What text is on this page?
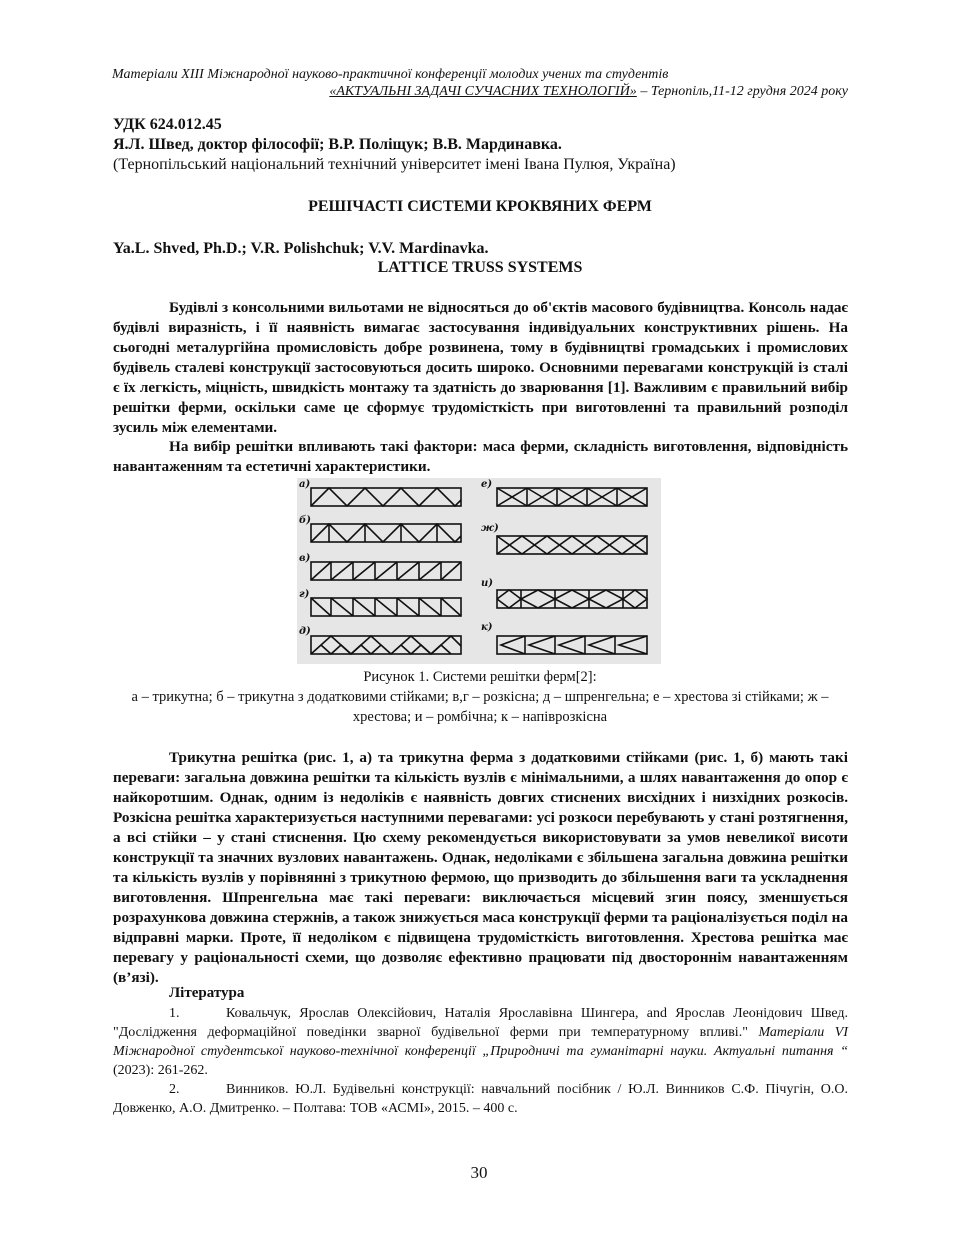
Матеріали ХІІІ Міжнародної науково-практичної конференції молодих учених та студентів
«АКТУАЛЬНІ ЗАДАЧІ СУЧАСНИХ ТЕХНОЛОГІЙ» – Тернопіль,11-12 грудня 2024 року
УДК 624.012.45
Я.Л. Швед, доктор філософії; В.Р. Поліщук; В.В. Мардинавка.
(Тернопільський національний технічний університет імені Івана Пулюя, Україна)
РЕШІЧАСТІ СИСТЕМИ КРОКВЯНИХ ФЕРМ
Ya.L. Shved, Ph.D.; V.R. Polishchuk; V.V. Mardinavka.
LATTICE TRUSS SYSTEMS

Будівлі з консольними вильотами не відносяться до об'єктів масового будівництва. Консоль надає будівлі виразність, і її наявність вимагає застосування індивідуальних конструктивних рішень. На сьогодні металургійна промисловість добре розвинена, тому в будівництві громадських і промислових будівель сталеві конструкції застосовуються досить широко. Основними перевагами конструкцій із сталі є їх легкість, міцність, швидкість монтажу та здатність до зварювання [1]. Важливим є правильний вибір решітки ферми, оскільки саме це сформує трудомісткість при виготовленні та правильний розподіл зусиль між елементами.

На вибір решітки впливають такі фактори: маса ферми, складність виготовлення, відповідність навантаженням та естетичні характеристики.

а)
б)
в)
г)
д)
е)
ж)
и)
к)
Рисунок 1. Системи решітки ферм[2]:
а – трикутна; б – трикутна з додатковими стійками; в,г – розкісна; д – шпренгельна; е – хрестова зі стійками; ж – хрестова; и – ромбічна; к – напіврозкісна

Трикутна решітка (рис. 1, а) та трикутна ферма з додатковими стійками (рис. 1, б) мають такі переваги: загальна довжина решітки та кількість вузлів є мінімальними, а шлях навантаження до опор є найкоротшим. Однак, одним із недоліків є наявність довгих стиснених висхідних і низхідних розкосів. Розкісна решітка характеризується наступними перевагами: усі розкоси перебувають у стані розтягнення, а всі стійки – у стані стиснення. Цю схему рекомендується використовувати за умов невеликої висоти конструкції та значних вузлових навантажень. Однак, недоліками є збільшена загальна довжина решітки та кількість вузлів у порівнянні з трикутною фермою, що призводить до збільшення ваги та ускладнення виготовлення. Шпренгельна має такі переваги: виключається місцевий згин поясу, зменшується розрахункова довжина стержнів, а також знижується маса конструкції ферми та раціоналізується поділ на відправні марки. Проте, її недоліком є підвищена трудомісткість виготовлення. Хрестова решітка має перевагу у раціональності схеми, що дозволяє ефективно працювати під двостороннім навантаженням (в’язі).

Література
1.	Ковальчук, Ярослав Олексійович, Наталія Ярославівна Шингера, and Ярослав Леонідович Швед. "Дослідження деформаційної поведінки зварної будівельної ферми при температурному впливі." Матеріали VI Міжнародної студентської науково-технічної конференції „Природничі та гуманітарні науки. Актуальні питання “ (2023): 261-262.
2.	Винников. Ю.Л. Будівельні конструкції: навчальний посібник / Ю.Л. Винников С.Ф. Пічугін, О.О. Довженко, А.О. Дмитренко. – Полтава: ТОВ «АСМІ», 2015. – 400 с.
30
